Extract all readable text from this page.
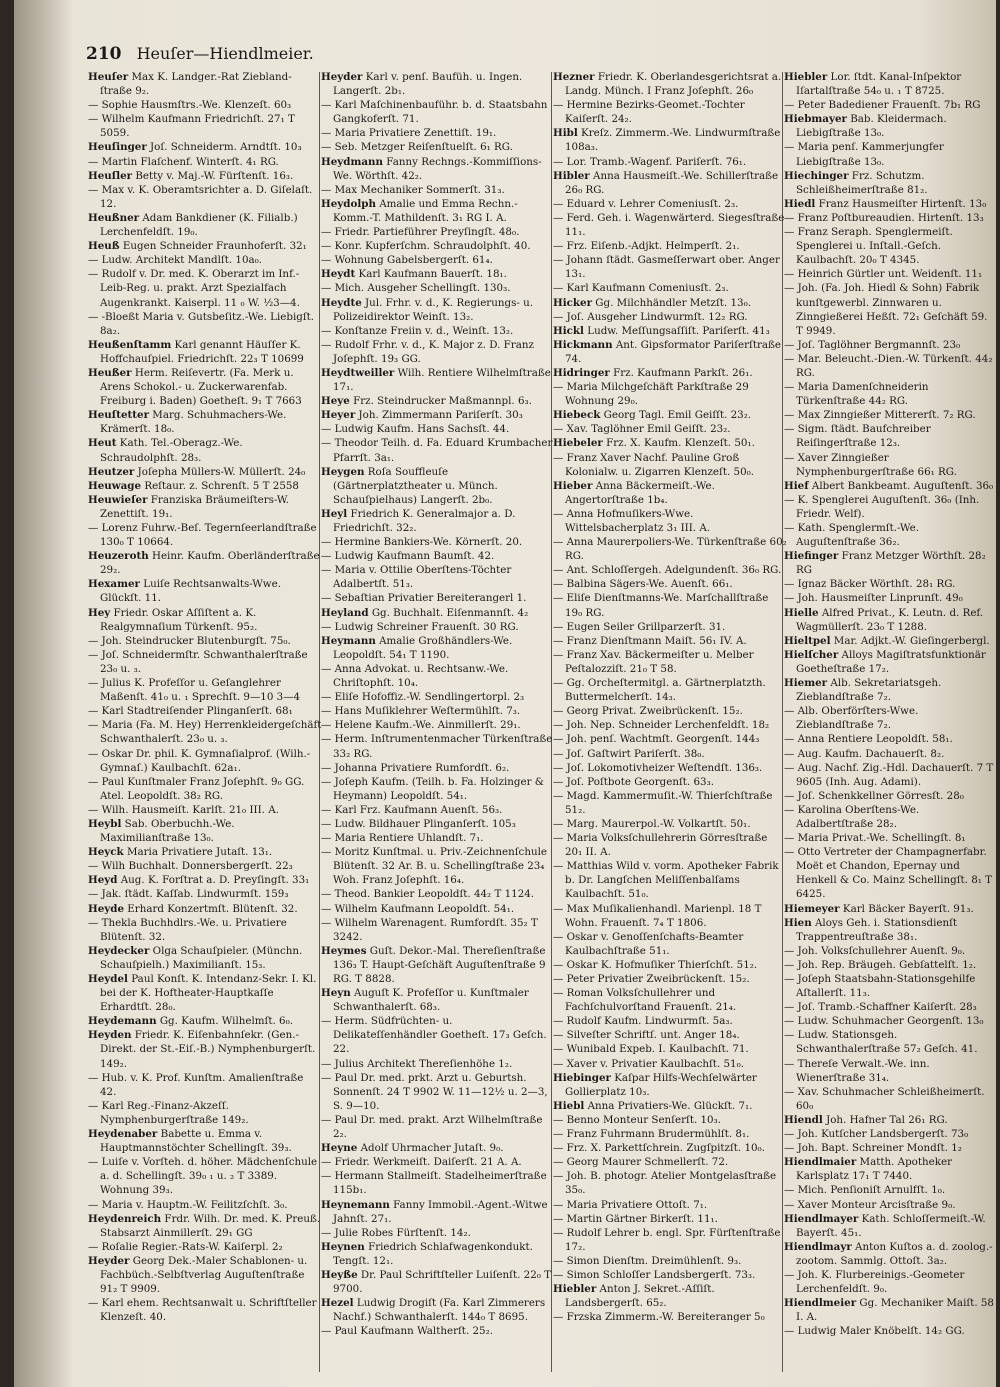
210 Heuſer—Hiendlmeier.

Heuſer Max K. Landger.-Rat Ziebland-ſtraße 9₂.

— Sophie Hausmſtrs.-We. Klenzeſt. 60₃

— Wilhelm Kaufmann Friedrichſt. 27₁ T 5059.

Heuſinger Joſ. Schneiderm. Arndtſt. 10₃

— Martin Flaſchenf. Winterſt. 4₁ RG.

Heuſler Betty v. Maj.-W. Fürſtenſt. 16₃.

— Max v. K. Oberamtsrichter a. D. Giſelaſt. 12.

Heußner Adam Bankdiener (K. Filialb.) Lerchenfeldſt. 19₀.

Heuß Eugen Schneider Fraunhoferſt. 32₁

— Ludw. Architekt Mandlſt. 10a₀.

— Rudolf v. Dr. med. K. Oberarzt im Inf.-Leib-Reg. u. prakt. Arzt Spezialfach Augenkrankt. Kaiserpl. 11 ₀ W. ½3—4.

— -Bloeßt Maria v. Gutsbeſitz.-We. Liebigſt. 8a₂.

Heußenſtamm Karl genannt Häuſſer K. Hoffchauſpiel. Friedrichſt. 22₃ T 10699

Heußer Herm. Reiſevertr. (Fa. Merk u. Arens Schokol.- u. Zuckerwarenfab. Freiburg i. Baden) Goetheſt. 9₁ T 7663

Heuſtetter Marg. Schuhmachers-We. Krämerſt. 18₀.

Heut Kath. Tel.-Oberagz.-We. Schraudolphſt. 28₃.

Heutzer Joſepha Müllers-W. Müllerſt. 24₀

Heuwage Reſtaur. z. Schrenſt. 5 T 2558

Heuwieſer Franziska Bräumeiſters-W. Zenettiſt. 19₁.

— Lorenz Fuhrw.-Beſ. Tegernſeerlandſtraße 130₀ T 10664.

Heuzeroth Heinr. Kaufm. Oberländerſtraße 29₂.

Hexamer Luiſe Rechtsanwalts-Wwe. Glückſt. 11.

Hey Friedr. Oskar Aſſiſtent a. K. Realgymnaſium Türkenſt. 95₂.

— Joh. Steindrucker Blutenburgſt. 75₀.

— Joſ. Schneidermſtr. Schwanthalerſtraße 23₀ u. ₃.

— Julius K. Profeſſor u. Geſanglehrer Maßenſt. 41₀ u. ₁ Sprechſt. 9—10 3—4

— Karl Stadtreiſender Plinganſerſt. 68₁

— Maria (Fa. M. Hey) Herrenkleidergeſchäft Schwanthalerſt. 23₀ u. ₃.

— Oskar Dr. phil. K. Gymnaſialprof. (Wilh.-Gymnaſ.) Kaulbachſt. 62a₁.

— Paul Kunſtmaler Franz Joſephſt. 9₀ GG. Atel. Leopoldſt. 38₂ RG.

— Wilh. Hausmeiſt. Karlſt. 21₀ III. A.

Heybl Sab. Oberbuchh.-We. Maximilianſtraße 13₀.

Heyck Maria Privatiere Jutaſt. 13₁.

— Wilh Buchhalt. Donnersbergerſt. 22₃

Heyd Aug. K. Forſtrat a. D. Preyſingſt. 33₁

— Jak. ſtädt. Kaſſab. Lindwurmſt. 159₃

Heyde Erhard Konzertmſt. Blütenſt. 32.

— Thekla Buchhdlrs.-We. u. Privatiere Blütenſt. 32.

Heydecker Olga Schauſpieler. (Münchn. Schauſpielh.) Maximilianſt. 15₃.

Heydel Paul Konſt. K. Intendanz-Sekr. I. Kl. bei der K. Hoftheater-Hauptkaſſe Erhardtſt. 28₀.

Heydemann Gg. Kaufm. Wilhelmſt. 6₀.

Heyden Friedr. K. Eiſenbahnſekr. (Gen.-Direkt. der St.-Eiſ.-B.) Nymphenburgerſt. 149₂.

— Hub. v. K. Prof. Kunſtm. Amalienſtraße 42.

— Karl Reg.-Finanz-Akzeſſ. Nymphenburgerſtraße 149₂.

Heydenaber Babette u. Emma v. Hauptmannstöchter Schellingſt. 39₃.

— Luiſe v. Vorſteh. d. höher. Mädchenſchule a. d. Schellingſt. 39₀ ₁ u. ₂ T 3389. Wohnung 39₃.

— Maria v. Hauptm.-W. Feilitzſchſt. 3₀.

Heydenreich Frdr. Wilh. Dr. med. K. Preuß. Stabsarzt Ainmillerſt. 29₁ GG

— Roſalie Regier.-Rats-W. Kaiſerpl. 2₂

Heyder Georg Dek.-Maler Schablonen- u. Fachbüch.-Selbſtverlag Auguſtenſtraße 91₂ T 9909.

— Karl ehem. Rechtsanwalt u. Schriftſteller Klenzeſt. 40.

Heyder Karl v. penſ. Baufüh. u. Ingen. Langerſt. 2b₁.

— Karl Maſchinenbauführ. b. d. Staatsbahn Gangkoferſt. 71.

— Maria Privatiere Zenettiſt. 19₁.

— Seb. Metzger Reiſenſtuelſt. 6₁ RG.

Heydmann Fanny Rechngs.-Kommiſſions-We. Wörthſt. 42₂.

— Max Mechaniker Sommerſt. 31₃.

Heydolph Amalie und Emma Rechn.-Komm.-T. Mathildenſt. 3₁ RG I. A.

— Friedr. Partieführer Preyſingſt. 48₀.

— Konr. Kupferſchm. Schraudolphſt. 40.

— Wohnung Gabelsbergerſt. 61₄.

Heydt Karl Kaufmann Bauerſt. 18₁.

— Mich. Ausgeher Schellingſt. 130₃.

Heydte Jul. Frhr. v. d., K. Regierungs- u. Polizeidirektor Weinſt. 13₂.

— Konſtanze Freiin v. d., Weinſt. 13₂.

— Rudolf Frhr. v. d., K. Major z. D. Franz Joſephſt. 19₃ GG.

Heydtweiller Wilh. Rentiere Wilhelmſtraße 17₁.

Heye Frz. Steindrucker Maßmannpl. 6₃.

Heyer Joh. Zimmermann Pariſerſt. 30₃

— Ludwig Kaufm. Hans Sachsſt. 44.

— Theodor Teilh. d. Fa. Eduard Krumbacher Pfarrſt. 3a₁.

Heygen Roſa Souffleuſe (Gärtnerplatztheater u. Münch. Schauſpielhaus) Langerſt. 2b₀.

Heyl Friedrich K. Generalmajor a. D. Friedrichſt. 32₂.

— Hermine Bankiers-We. Körnerſt. 20.

— Ludwig Kaufmann Baumſt. 42.

— Maria v. Ottilie Oberſtens-Töchter Adalbertſt. 51₃.

— Sebaſtian Privatier Bereiterangerl 1.

Heyland Gg. Buchhalt. Eiſenmannſt. 4₂

— Ludwig Schreiner Frauenſt. 30 RG.

Heymann Amalie Großhändlers-We. Leopoldſt. 54₁ T 1190.

— Anna Advokat. u. Rechtsanw.-We. Chriſtophſt. 10₄.

— Eliſe Hofoffiz.-W. Sendlingertorpl. 2₃

— Hans Muſiklehrer Weſtermühlſt. 7₃.

— Helene Kaufm.-We. Ainmillerſt. 29₁.

— Herm. Inſtrumentenmacher Türkenſtraße 33₂ RG.

— Johanna Privatiere Rumfordſt. 6₂.

— Joſeph Kaufm. (Teilh. b. Fa. Holzinger & Heymann) Leopoldſt. 54₁.

— Karl Frz. Kaufmann Auenſt. 56₃.

— Ludw. Bildhauer Plinganſerſt. 105₃

— Maria Rentiere Uhlandſt. 7₁.

— Moritz Kunſtmal. u. Priv.-Zeichnenſchule Blütenſt. 32 Ar. B. u. Schellingſtraße 23₄ Woh. Franz Joſephſt. 16₄.

— Theod. Bankier Leopoldſt. 44₂ T 1124.

— Wilhelm Kaufmann Leopoldſt. 54₁.

— Wilhelm Warenagent. Rumfordſt. 35₂ T 3242.

Heymes Guſt. Dekor.-Mal. Thereſienſtraße 136₃ T. Haupt-Geſchäft Auguſtenſtraße 9 RG. T 8828.

Heyn Auguſt K. Profeſſor u. Kunſtmaler Schwanthalerſt. 68₃.

— Herm. Südfrüchten- u. Delikateſſenhändler Goetheſt. 17₃ Geſch. 22.

— Julius Architekt Thereſienhöhe 1₂.

— Paul Dr. med. prkt. Arzt u. Geburtsh. Sonnenſt. 24 T 9902 W. 11—12½ u. 2—3, S. 9—10.

— Paul Dr. med. prakt. Arzt Wilhelmſtraße 2₂.

Heyne Adolf Uhrmacher Jutaſt. 9₀.

— Friedr. Werkmeiſt. Daiſerſt. 21 A. A.

— Hermann Stallmeiſt. Stadelheimerſtraße 115b₁.

Heynemann Fanny Immobil.-Agent.-Witwe Jahnſt. 27₁.

— Julie Robes Fürſtenſt. 14₂.

Heynen Friedrich Schlafwagenkondukt. Tengſt. 12₁.

Heyße Dr. Paul Schriftſteller Luiſenſt. 22₀ T 9700.

Hezel Ludwig Drogiſt (Fa. Karl Zimmerers Nachf.) Schwanthalerſt. 144₀ T 8695.

— Paul Kaufmann Waltherſt. 25₂.

Hezner Friedr. K. Oberlandesgerichtsrat a. Landg. Münch. I Franz Joſephſt. 26₀

— Hermine Bezirks-Geomet.-Tochter Kaiſerſt. 24₂.

Hibl Kreſz. Zimmerm.-We. Lindwurmſtraße 108a₃.

— Lor. Tramb.-Wagenf. Pariſerſt. 76₁.

Hibler Anna Hausmeiſt.-We. Schillerſtraße 26₀ RG.

— Eduard v. Lehrer Comeniusſt. 2₃.

— Ferd. Geh. i. Wagenwärterd. Siegesſtraße 11₁.

— Frz. Eiſenb.-Adjkt. Helmperſt. 2₁.

— Johann ſtädt. Gasmeſſerwart ober. Anger 13₁.

— Karl Kaufmann Comeniusſt. 2₃.

Hicker Gg. Milchhändler Metzſt. 13₀.

— Joſ. Ausgeher Lindwurmſt. 12₂ RG.

Hickl Ludw. Meſſungsaſſiſt. Pariſerſt. 41₃

Hickmann Ant. Gipsformator Pariſerſtraße 74.

Hidringer Frz. Kaufmann Parkſt. 26₁.

— Maria Milchgeſchäft Parkſtraße 29 Wohnung 29₀.

Hiebeck Georg Tagl. Emil Geiſſt. 23₂.

— Xav. Taglöhner Emil Geiſſt. 23₂.

Hiebeler Frz. X. Kaufm. Klenzeſt. 50₁.

— Franz Xaver Nachf. Pauline Groß Kolonialw. u. Zigarren Klenzeſt. 50₀.

Hieber Anna Bäckermeiſt.-We. Angertorſtraße 1b₄.

— Anna Hofmuſikers-Wwe. Wittelsbacherplatz 3₁ III. A.

— Anna Maurerpoliers-We. Türkenſtraße 60₂ RG.

— Ant. Schloſſergeh. Adelgundenſt. 36₀ RG.

— Balbina Sägers-We. Auenſt. 66₁.

— Eliſe Dienſtmanns-We. Marſchallſtraße 19₀ RG.

— Eugen Seiler Grillparzerſt. 31.

— Franz Dienſtmann Maiſt. 56₁ IV. A.

— Franz Xav. Bäckermeiſter u. Melber Peſtalozziſt. 21₀ T 58.

— Gg. Orcheſtermitgl. a. Gärtnerplatzth. Buttermelcherſt. 14₃.

— Georg Privat. Zweibrückenſt. 15₂.

— Joh. Nep. Schneider Lerchenfeldſt. 18₂

— Joh. penſ. Wachtmſt. Georgenſt. 144₃

— Joſ. Gaſtwirt Pariſerſt. 38₀.

— Joſ. Lokomotivheizer Weſtendſt. 136₃.

— Joſ. Poſtbote Georgenſt. 63₃.

— Magd. Kammermuſit.-W. Thierſchſtraße 51₂.

— Marg. Maurerpol.-W. Volkartſt. 50₁.

— Maria Volksſchullehrerin Görresſtraße 20₁ II. A.

— Matthias Wild v. vorm. Apotheker Fabrik b. Dr. Langſchen Meliſſenbalſams Kaulbachſt. 51₀.

— Max Muſikalienhandl. Marienpl. 18 T Wohn. Frauenſt. 7₄ T 1806.

— Oskar v. Genoſſenſchafts-Beamter Kaulbachſtraße 51₁.

— Oskar K. Hofmuſiker Thierſchſt. 51₂.

— Peter Privatier Zweibrückenſt. 15₂.

— Roman Volksſchullehrer und Fachſchulvorſtand Frauenſt. 21₄.

— Rudolf Kaufm. Lindwurmſt. 5a₃.

— Silveſter Schriftſ. unt. Anger 18₄.

— Wunibald Expeb. I. Kaulbachſt. 71.

— Xaver v. Privatier Kaulbachſt. 51₀.

Hiebinger Kaſpar Hilfs-Wechſelwärter Gollierplatz 10₃.

Hiebl Anna Privatiers-We. Glückſt. 7₁.

— Benno Monteur Senſerſt. 10₃.

— Franz Fuhrmann Brudermühlſt. 8₁.

— Frz. X. Parkettſchrein. Zugſpitzſt. 10₀.

— Georg Maurer Schmellerſt. 72.

— Joh. B. photogr. Atelier Montgelasſtraße 35₀.

— Maria Privatiere Ottoſt. 7₁.

— Martin Gärtner Birkerſt. 11₁.

— Rudolf Lehrer b. engl. Spr. Fürſtenſtraße 17₂.

— Simon Dienſtm. Dreimühlenſt. 9₃.

— Simon Schloſſer Landsbergerſt. 73₃.

Hiebler Anton J. Sekret.-Aſſiſt. Landsbergerſt. 65₂.

— Frzska Zimmerm.-W. Bereiteranger 5₀

Hiebler Lor. ſtdt. Kanal-Inſpektor Iſartalſtraße 54₀ u. ₁ T 8725.

— Peter Badediener Frauenſt. 7b₁ RG

Hiebmayer Bab. Kleidermach. Liebigſtraße 13₀.

— Maria penſ. Kammerjungfer Liebigſtraße 13₀.

Hiechinger Frz. Schutzm. Schleißheimerſtraße 81₂.

Hiedl Franz Hausmeiſter Hirtenſt. 13₀

— Franz Poſtbureaudien. Hirtenſt. 13₃

— Franz Seraph. Spenglermeiſt. Spenglerei u. Inſtall.-Geſch. Kaulbachſt. 20₀ T 4345.

— Heinrich Gürtler unt. Weidenſt. 11₁

— Joh. (Fa. Joh. Hiedl & Sohn) Fabrik kunſtgewerbl. Zinnwaren u. Zinngießerei Heßſt. 72₁ Geſchäft 59. T 9949.

— Joſ. Taglöhner Bergmannſt. 23₀

— Mar. Beleucht.-Dien.-W. Türkenſt. 44₂ RG.

— Maria Damenſchneiderin Türkenſtraße 44₂ RG.

— Max Zinngießer Mittererſt. 7₂ RG.

— Sigm. ſtädt. Baufchreiber Reiſingerſtraße 12₃.

— Xaver Zinngießer Nymphenburgerſtraße 66₁ RG.

Hief Albert Bankbeamt. Auguſtenſt. 36₀

— K. Spenglerei Auguſtenſt. 36₀ (Inh. Friedr. Welf).

— Kath. Spenglermſt.-We. Auguſtenſtraße 36₂.

Hiefinger Franz Metzger Wörthſt. 28₂ RG

— Ignaz Bäcker Wörthſt. 28₁ RG.

— Joh. Hausmeiſter Linprunſt. 49₀

Hielle Alfred Privat., K. Leutn. d. Ref. Wagmüllerſt. 23₀ T 1288.

Hieltpel Mar. Adjkt.-W. Gieſingerbergl.

Hielſcher Alloys Magiſtratsfunktionär Goetheſtraße 17₂.

Hiemer Alb. Sekretariatsgeh. Zieblandſtraße 7₂.

— Alb. Oberförſters-Wwe. Zieblandſtraße 7₂.

— Anna Rentiere Leopoldſt. 58₁.

— Aug. Kaufm. Dachauerſt. 8₂.

— Aug. Nachf. Zig.-Hdl. Dachauerſt. 7 T 9605 (Inh. Aug. Adami).

— Joſ. Schenkkellner Görresſt. 28₀

— Karolina Oberſtens-We. Adalbertſtraße 28₂.

— Maria Privat.-We. Schellingſt. 8₁

— Otto Vertreter der Champagnerfabr. Moët et Chandon, Epernay und Henkell & Co. Mainz Schellingſt. 8₁ T 6425.

Hiemeyer Karl Bäcker Bayerſt. 91₃.

Hien Aloys Geh. i. Stationsdienſt Trappentreuſtraße 38₁.

— Joh. Volksſchullehrer Auenſt. 9₀.

— Joh. Rep. Bräugeh. Gebſattelſt. 1₂.

— Joſeph Staatsbahn-Stationsgehilfe Aſtallerſt. 11₃.

— Joſ. Tramb.-Schaffner Kaiſerſt. 28₃

— Ludw. Schuhmacher Georgenſt. 13₀

— Ludw. Stationsgeh. Schwanthalerſtraße 57₂ Geſch. 41.

— Thereſe Verwalt.-We. inn. Wienerſtraße 31₄.

— Xav. Schuhmacher Schleißheimerſt. 60₀

Hiendl Joh. Hafner Tal 26₁ RG.

— Joh. Kutſcher Landsbergerſt. 73₀

— Joh. Bapt. Schreiner Mondſt. 1₂

Hiendlmaier Matth. Apotheker Karlsplatz 17₁ T 7440.

— Mich. Penſioniſt Arnulfſt. 1₀.

— Xaver Monteur Arcisſtraße 9₀.

Hiendlmayer Kath. Schloſſermeiſt.-W. Bayerſt. 45₁.

Hiendlmayr Anton Kuſtos a. d. zoolog.-zootom. Sammlg. Ottoſt. 3a₂.

— Joh. K. Flurbereinigs.-Geometer Lerchenfeldſt. 9₀.

Hiendlmeier Gg. Mechaniker Maiſt. 58 I. A.

— Ludwig Maler Knöbelſt. 14₂ GG.
